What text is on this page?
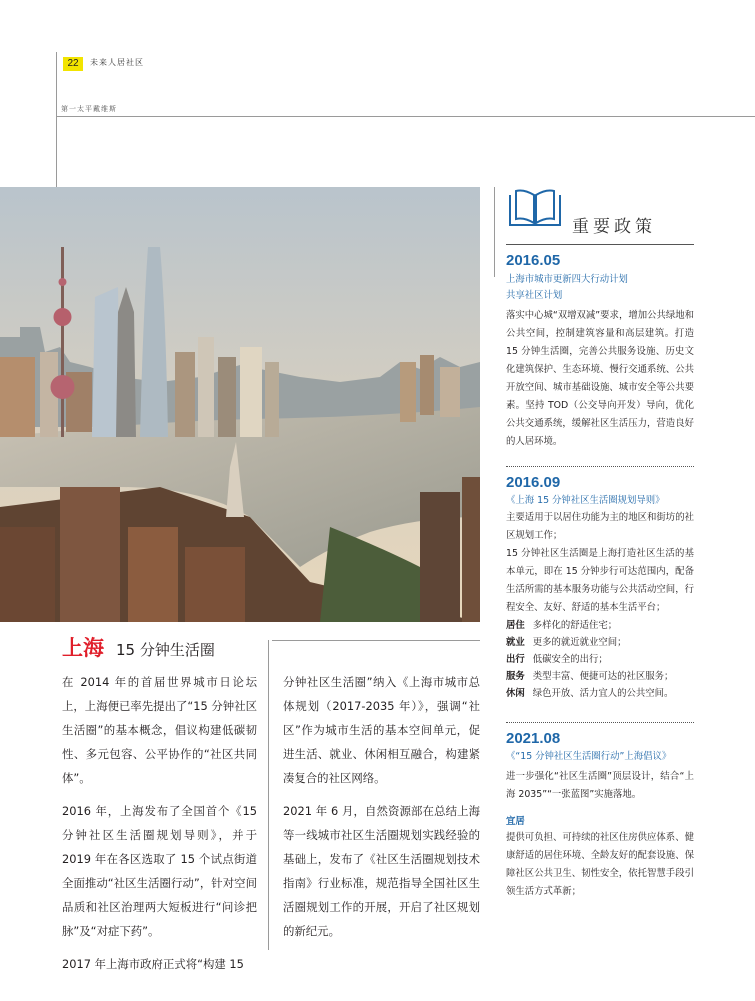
22	未来人居社区
第一太平戴维斯
上海 15 分钟生活圈

在 2014 年的首届世界城市日论坛上，上海便已率先提出了“15 分钟社区生活圈”的基本概念，倡议构建低碳韧性、多元包容、公平协作的“社区共同体”。

2016 年，上海发布了全国首个《15 分钟社区生活圈规划导则》，并于 2019 年在各区选取了 15 个试点街道全面推动“社区生活圈行动”，针对空间品质和社区治理两大短板进行“问诊把脉”及“对症下药”。

2017 年上海市政府正式将“构建 15

分钟社区生活圈”纳入《上海市城市总体规划（2017-2035 年）》，强调“社区”作为城市生活的基本空间单元，促进生活、就业、休闲相互融合，构建紧凑复合的社区网络。

2021 年 6 月，自然资源部在总结上海等一线城市社区生活圈规划实践经验的基础上，发布了《社区生活圈规划技术指南》行业标准，规范指导全国社区生活圈规划工作的开展，开启了社区规划的新纪元。

重要政策
2016.05
上海市城市更新四大行动计划
共享社区计划
落实中心城“双增双减”要求，增加公共绿地和公共空间，控制建筑容量和高层建筑。打造 15 分钟生活圈，完善公共服务设施、历史文化建筑保护、生态环境、慢行交通系统、公共开放空间、城市基础设施、城市安全等公共要素。坚持 TOD（公交导向开发）导向，优化公共交通系统，缓解社区生活压力，营造良好的人居环境。
2016.09
《上海 15 分钟社区生活圈规划导则》
主要适用于以居住功能为主的地区和街坊的社区规划工作；
15 分钟社区生活圈是上海打造社区生活的基本单元，即在 15 分钟步行可达范围内，配备生活所需的基本服务功能与公共活动空间，行程安全、友好、舒适的基本生活平台；
居住 多样化的舒适住宅；
就业 更多的就近就业空间；
出行 低碳安全的出行；
服务 类型丰富、便捷可达的社区服务；
休闲 绿色开放、活力宜人的公共空间。
2021.08
《“15 分钟社区生活圈行动”上海倡议》
进一步强化“社区生活圈”顶层设计，结合“上海 2035”“一张蓝图”实施落地。
宜居
提供可负担、可持续的社区住房供应体系、健康舒适的居住环境、全龄友好的配套设施、保障社区公共卫生、韧性安全，依托智慧手段引领生活方式革新；
